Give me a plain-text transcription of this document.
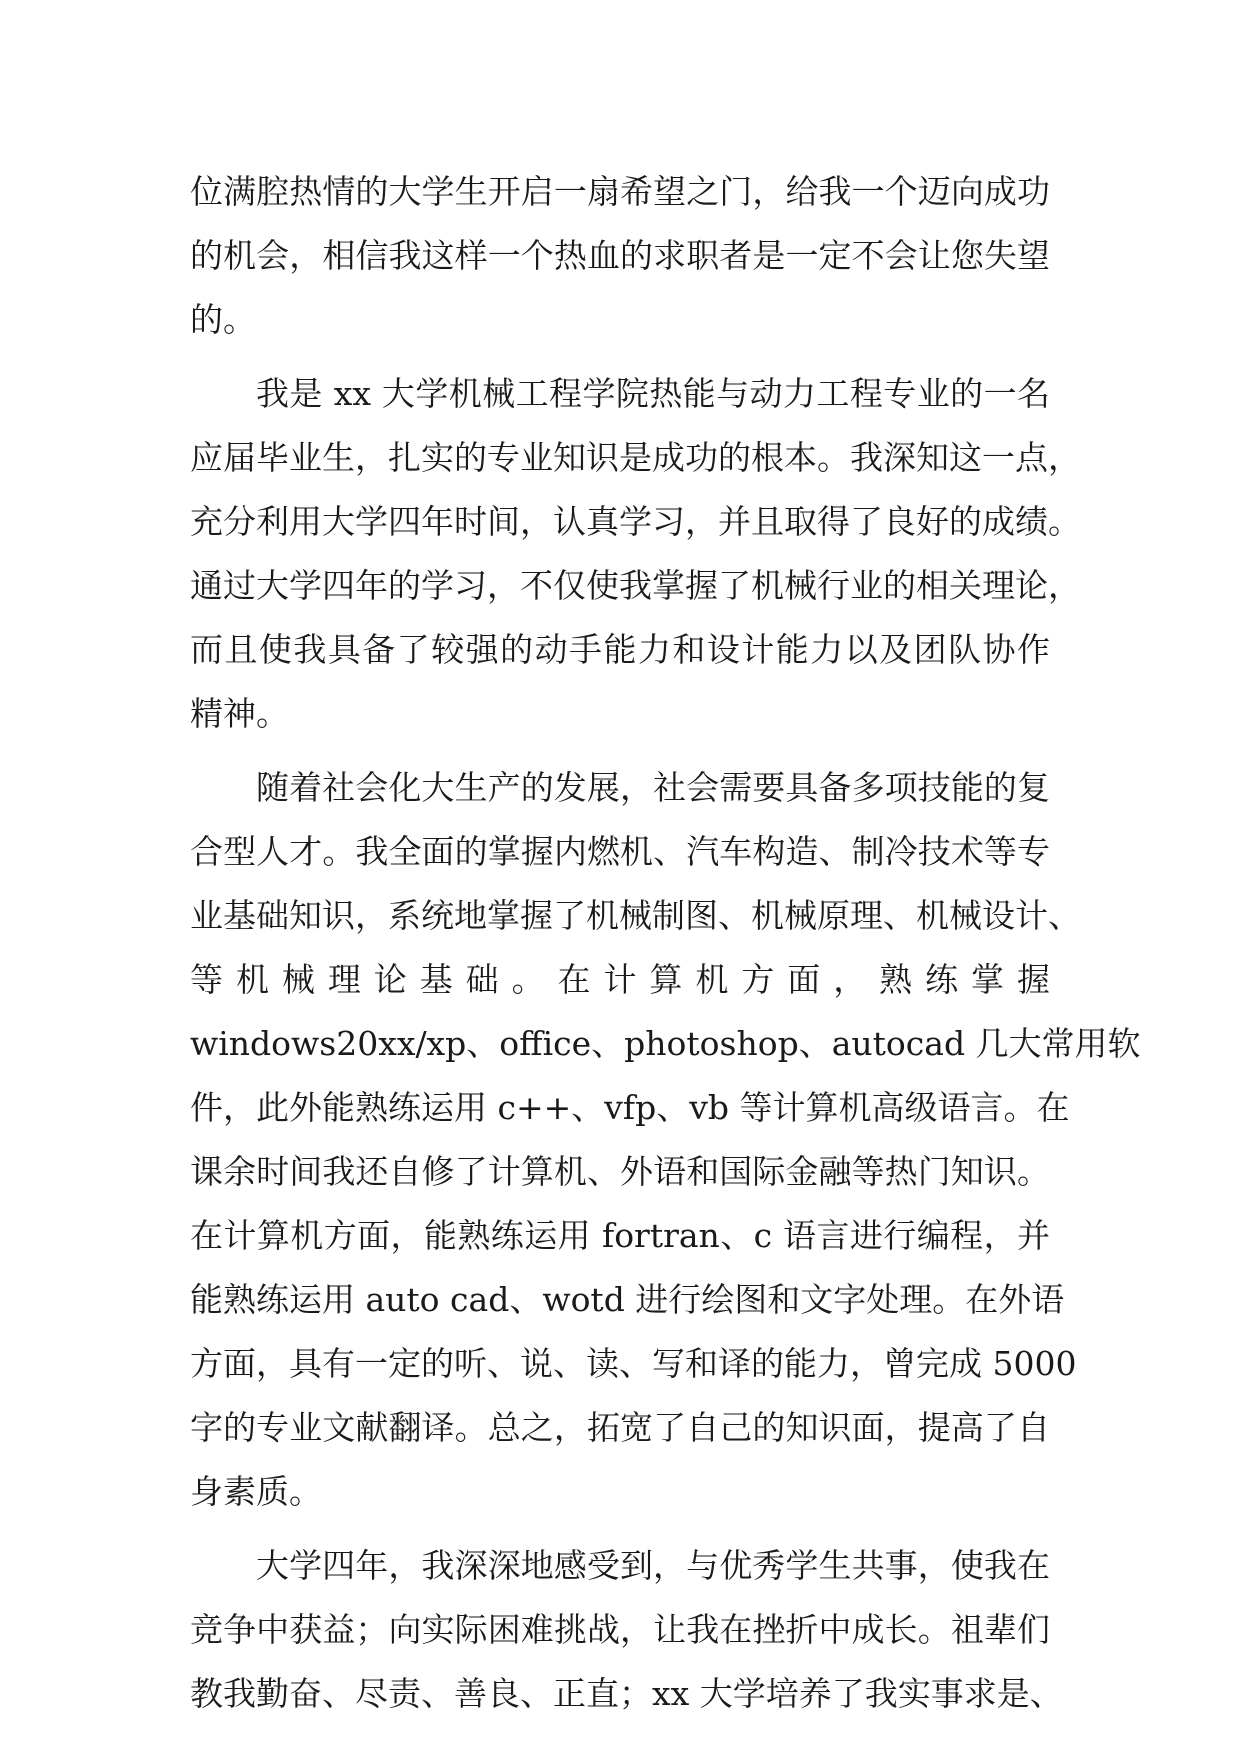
位满腔热情的大学生开启一扇希望之门，给我一个迈向成功
的机会，相信我这样一个热血的求职者是一定不会让您失望
的。
我是 xx 大学机械工程学院热能与动力工程专业的一名
应届毕业生，扎实的专业知识是成功的根本。我深知这一点，
充分利用大学四年时间，认真学习，并且取得了良好的成绩。
通过大学四年的学习，不仅使我掌握了机械行业的相关理论，
而且使我具备了较强的动手能力和设计能力以及团队协作
精神。
随着社会化大生产的发展，社会需要具备多项技能的复
合型人才。我全面的掌握内燃机、汽车构造、制冷技术等专
业基础知识，系统地掌握了机械制图、机械原理、机械设计、
等 机 械 理 论 基 础 。 在 计 算 机 方 面 ， 熟 练 掌 握
windows20xx/xp、office、photoshop、autocad 几大常用软
件，此外能熟练运用 c++、vfp、vb 等计算机高级语言。在
课余时间我还自修了计算机、外语和国际金融等热门知识。
在计算机方面，能熟练运用 fortran、c 语言进行编程，并
能熟练运用 auto cad、wotd 进行绘图和文字处理。在外语
方面，具有一定的听、说、读、写和译的能力，曾完成 5000
字的专业文献翻译。总之，拓宽了自己的知识面，提高了自
身素质。
大学四年，我深深地感受到，与优秀学生共事，使我在
竞争中获益；向实际困难挑战，让我在挫折中成长。祖辈们
教我勤奋、尽责、善良、正直；xx 大学培养了我实事求是、
